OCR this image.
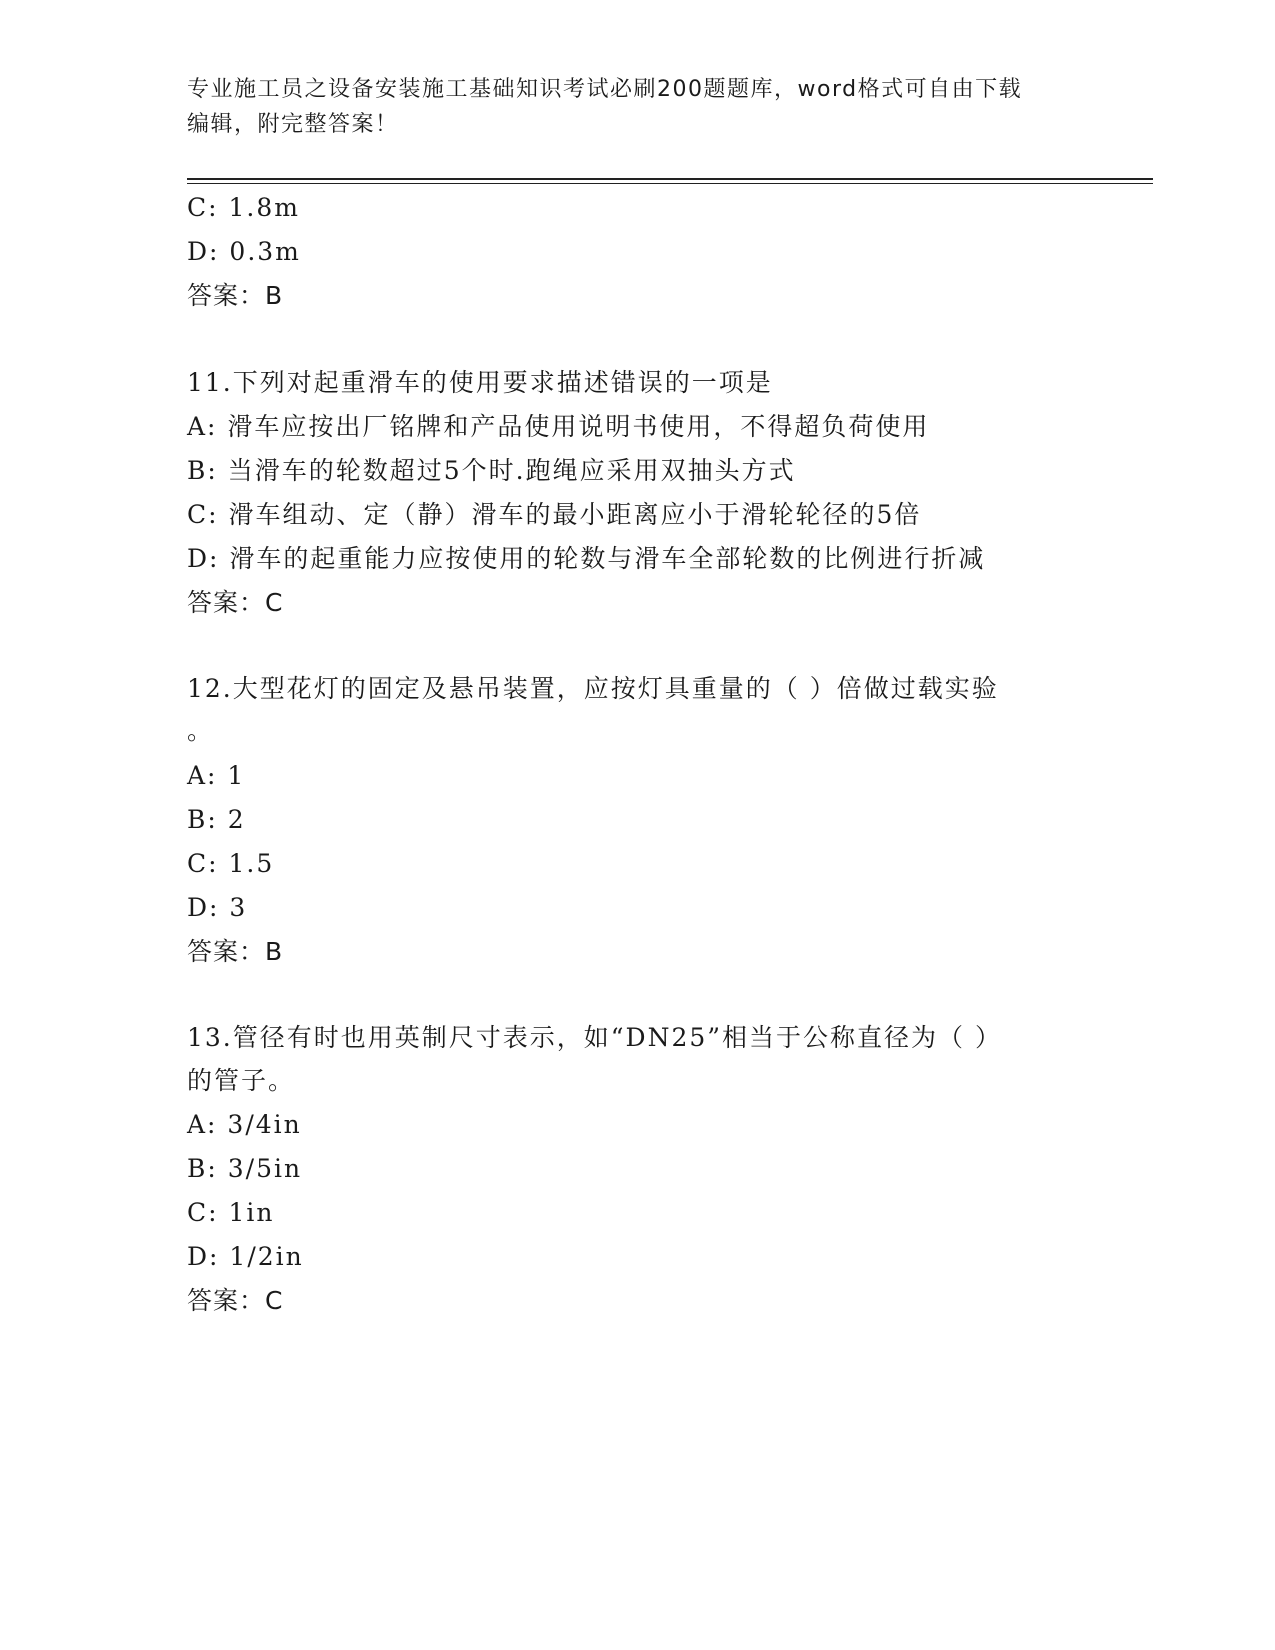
专业施工员之设备安装施工基础知识考试必刷200题题库，word格式可自由下载
编辑，附完整答案！
C: 1.8m
D: 0.3m
答案：B
11.下列对起重滑车的使用要求描述错误的一项是
A: 滑车应按出厂铭牌和产品使用说明书使用，不得超负荷使用
B: 当滑车的轮数超过5个时.跑绳应采用双抽头方式
C: 滑车组动、定（静）滑车的最小距离应小于滑轮轮径的5倍
D: 滑车的起重能力应按使用的轮数与滑车全部轮数的比例进行折减
答案：C
12.大型花灯的固定及悬吊装置，应按灯具重量的（ ）倍做过载实验
。
A: 1
B: 2
C: 1.5
D: 3
答案：B
13.管径有时也用英制尺寸表示，如“DN25”相当于公称直径为（ ）
的管子。
A: 3/4in
B: 3/5in
C: 1in
D: 1/2in
答案：C
